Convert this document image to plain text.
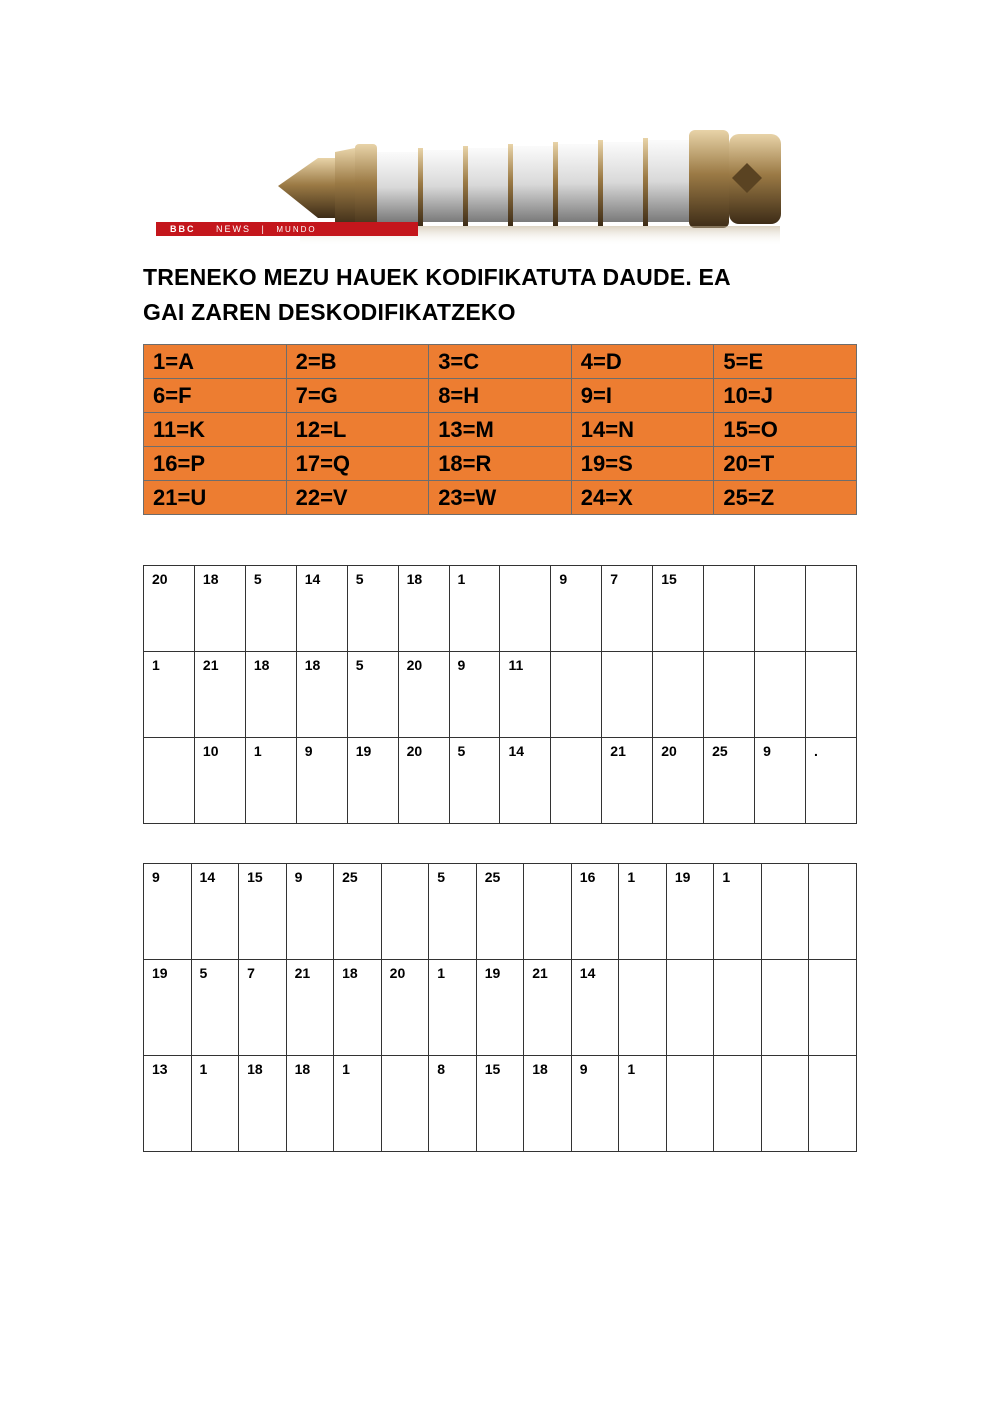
BBC NEWS | MUNDO
TRENEKO MEZU HAUEK KODIFIKATUTA DAUDE. EA
GAI ZAREN DESKODIFIKATZEKO
1=A	2=B	3=C	4=D	5=E
6=F	7=G	8=H	9=I	10=J
11=K	12=L	13=M	14=N	15=O
16=P	17=Q	18=R	19=S	20=T
21=U	22=V	23=W	24=X	25=Z
20	18	5	14	5	18	1		9	7	15			
1	21	18	18	5	20	9	11						
	10	1	9	19	20	5	14		21	20	25	9	.
9	14	15	9	25		5	25		16	1	19	1		
19	5	7	21	18	20	1	19	21	14					
13	1	18	18	1		8	15	18	9	1				
